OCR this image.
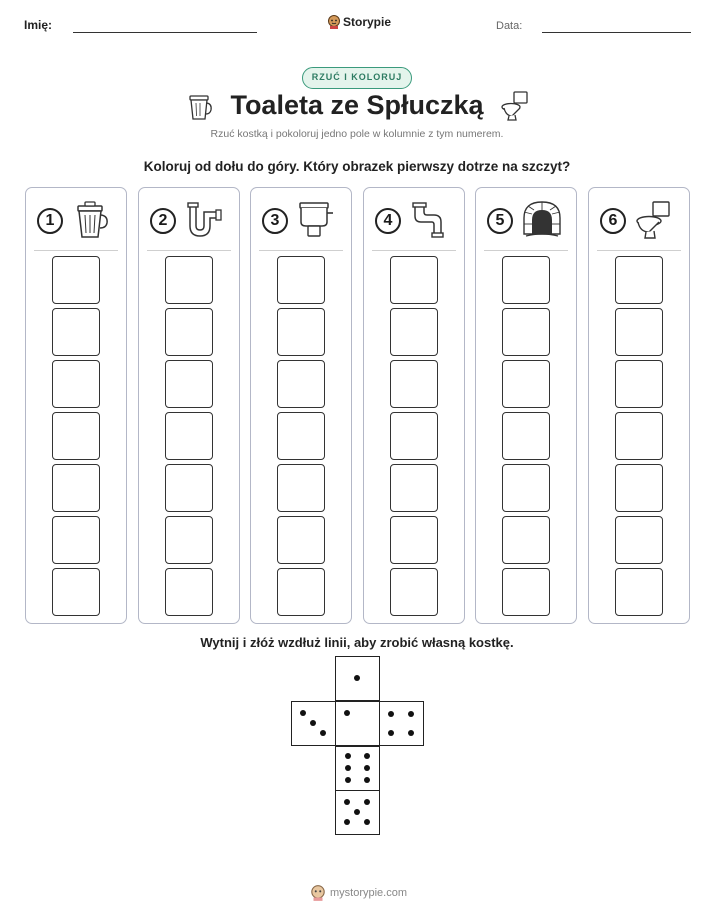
Imię:	Storypie	Data:
RZUĆ I KOLORUJ
Toaleta ze Spłuczką
Rzuć kostką i pokoloruj jedno pole w kolumnie z tym numerem.
Koloruj od dołu do góry. Który obrazek pierwszy dotrze na szczyt?
1	2	3	4	5	6
Wytnij i złóż wzdłuż linii, aby zrobić własną kostkę.
mystorypie.com
